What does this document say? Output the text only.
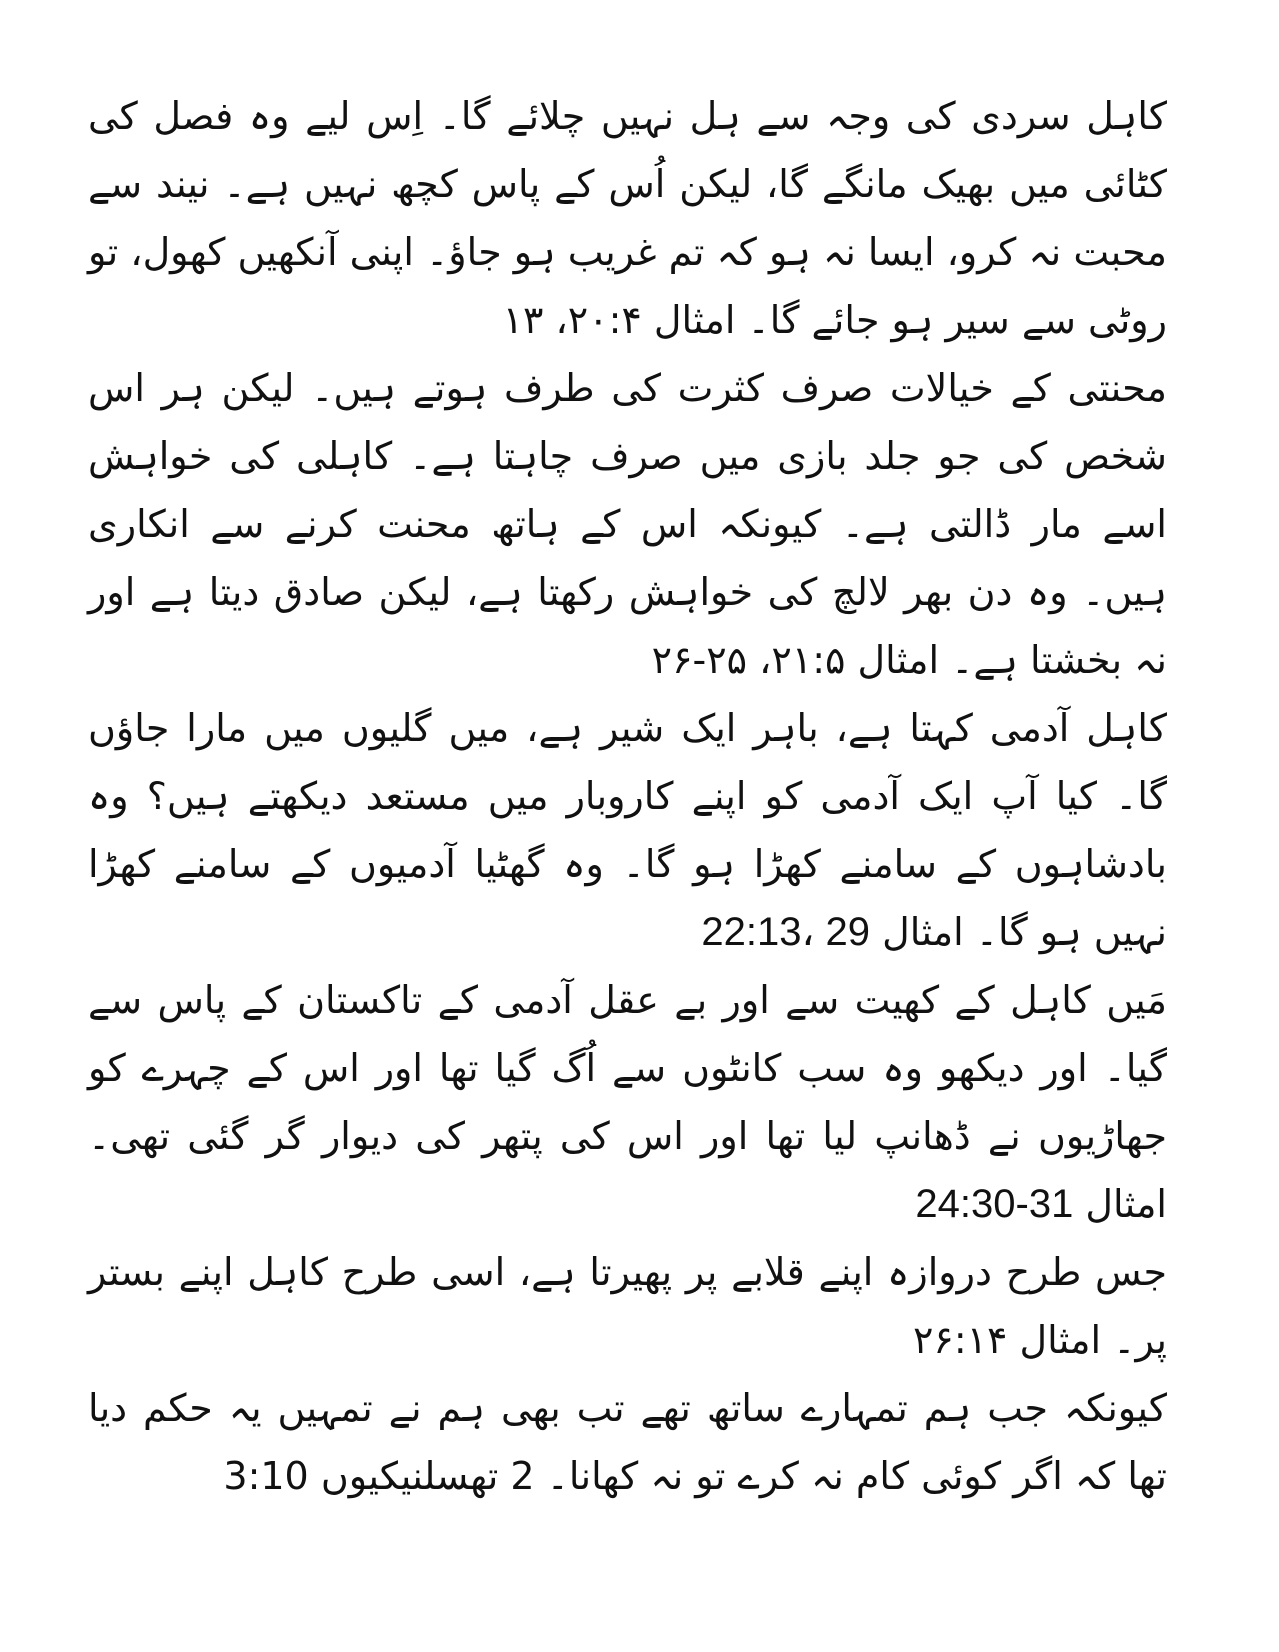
کاہل سردی کی وجہ سے ہل نہیں چلائے گا۔ اِس لیے وہ فصل کی کٹائی میں بھیک مانگے گا، لیکن اُس کے پاس کچھ نہیں ہے۔ نیند سے محبت نہ کرو، ایسا نہ ہو کہ تم غریب ہو جاؤ۔ اپنی آنکھیں کھول، تو روٹی سے سیر ہو جائے گا۔ امثال ۲۰:۴، ۱۳

محنتی کے خیالات صرف کثرت کی طرف ہوتے ہیں۔ لیکن ہر اس شخص کی جو جلد بازی میں صرف چاہتا ہے۔ کاہلی کی خواہش اسے مار ڈالتی ہے۔ کیونکہ اس کے ہاتھ محنت کرنے سے انکاری ہیں۔ وہ دن بھر لالچ کی خواہش رکھتا ہے، لیکن صادق دیتا ہے اور نہ بخشتا ہے۔ امثال ۲۱:۵، ۲۵-۲۶

کاہل آدمی کہتا ہے، باہر ایک شیر ہے، میں گلیوں میں مارا جاؤں گا۔ کیا آپ ایک آدمی کو اپنے کاروبار میں مستعد دیکھتے ہیں؟ وہ بادشاہوں کے سامنے کھڑا ہو گا۔ وہ گھٹیا آدمیوں کے سامنے کھڑا نہیں ہو گا۔ امثال 22:13، 29

مَیں کاہل کے کھیت سے اور بے عقل آدمی کے تاکستان کے پاس سے گیا۔ اور دیکھو وہ سب کانٹوں سے اُگ گیا تھا اور اس کے چہرے کو جھاڑیوں نے ڈھانپ لیا تھا اور اس کی پتھر کی دیوار گر گئی تھی۔ امثال 24:30-31

جس طرح دروازہ اپنے قلابے پر پھیرتا ہے، اسی طرح کاہل اپنے بستر پر۔ امثال ۲۶:۱۴

کیونکہ جب ہم تمہارے ساتھ تھے تب بھی ہم نے تمہیں یہ حکم دیا تھا کہ اگر کوئی کام نہ کرے تو نہ کھانا۔ 2 تھسلنیکیوں 3:10
